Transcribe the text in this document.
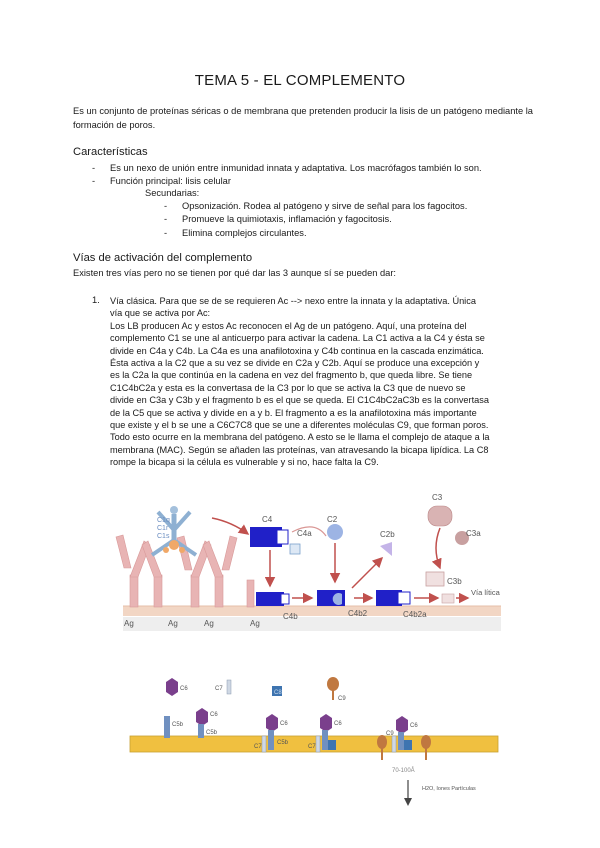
TEMA 5 - EL COMPLEMENTO
Es un conjunto de proteínas séricas o de membrana que pretenden producir la lisis de un patógeno mediante la formación de poros.
Características
- Es un nexo de unión entre inmunidad innata y adaptativa. Los macrófagos también lo son.
- Función principal: lisis celular
Secundarias:
- Opsonización. Rodea al patógeno y sirve de señal para los fagocitos.
- Promueve la quimiotaxis, inflamación y fagocitosis.
- Elimina complejos circulantes.
Vías de activación del complemento
Existen tres vías pero no se tienen por qué dar las 3 aunque sí se pueden dar:
1. Vía clásica. Para que se de se requieren Ac --> nexo entre la innata y la adaptativa. Única
vía que se activa por Ac:
Los LB producen Ac y estos Ac reconocen el Ag de un patógeno. Aquí, una proteína del
complemento C1 se une al anticuerpo para activar la cadena. La C1 activa a la C4 y ésta se
divide en C4a y C4b. La C4a es una anafilotoxina y C4b continua en la cascada enzimática.
Ésta activa a la C2 que a su vez se divide en C2a y C2b. Aquí se produce una excepción y
es la C2a la que continúa en la cadena en vez del fragmento b, que queda libre. Se tiene
C1C4bC2a y esta es la convertasa de la C3 por lo que se activa la C3 que de nuevo se
divide en C3a y C3b y el fragmento b es el que se queda. El C1C4bC2aC3b es la convertasa
de la C5 que se activa y divide en a y b. El fragmento a es la anafilotoxina más importante
que existe y el b se une a C6C7C8 que se une a diferentes moléculas C9, que forman poros.
Todo esto ocurre en la membrana del patógeno. A esto se le llama el complejo de ataque a la
membrana (MAC). Según se añaden las proteínas, van atravesando la bicapa lipídica. La C8
rompe la bicapa si la célula es vulnerable y si no, hace falta la C9.
C1q
C1r
C1s
Ag	Ag	Ag	Ag
C4
C4a
C4b
C2
C4b2
C2b
C4b2a
C3
C3a
C3b
Vía lítica
C6	C7
C8
C9
C5b
C6
C5b
C6
C7
C5b
C6
C7
C6
C9
70-100Å
H2O, Iones Partículas
